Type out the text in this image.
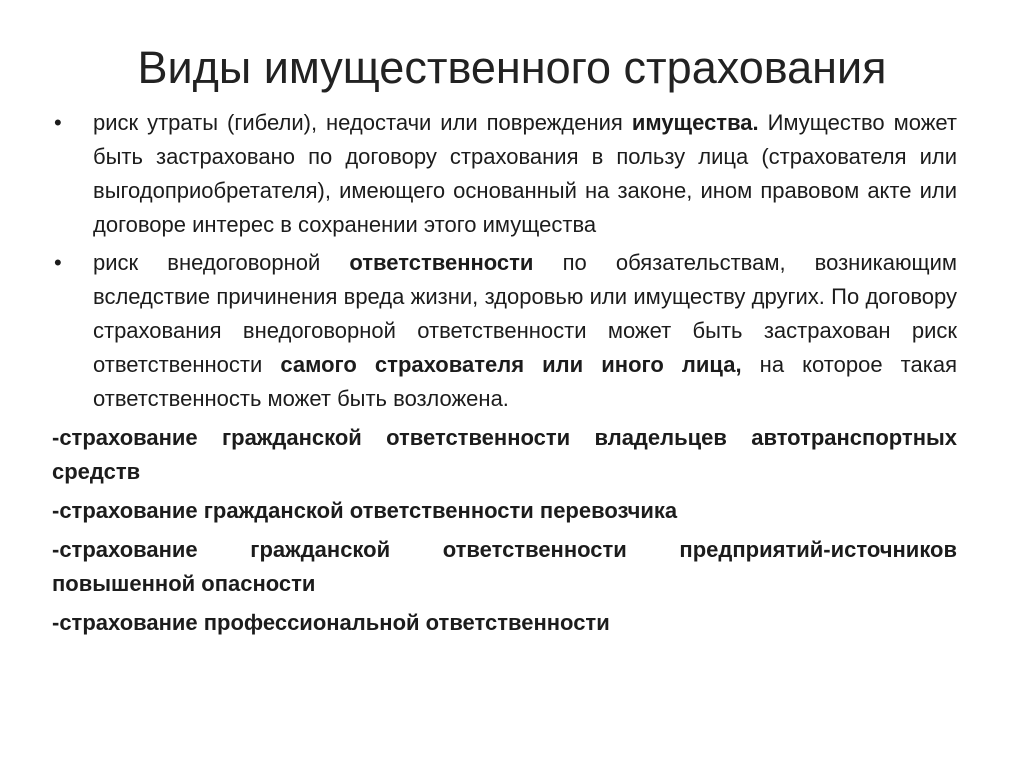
Виды имущественного страхования
• риск утраты (гибели), недостачи или повреждения имущества. Имущество может быть застраховано по договору страхования в пользу лица (страхователя или выгодоприобретателя), имеющего основанный на законе, ином правовом акте или договоре интерес в сохранении этого имущества
• риск внедоговорной ответственности по обязательствам, возникающим вследствие причинения вреда жизни, здоровью или имуществу других. По договору страхования внедоговорной ответственности может быть застрахован риск ответственности самого страхователя или иного лица, на которое такая ответственность может быть возложена.
-страхование гражданской ответственности владельцев автотранспортных средств
-страхование гражданской ответственности перевозчика
-страхование гражданской ответственности предприятий-источников повышенной опасности
-страхование профессиональной ответственности
